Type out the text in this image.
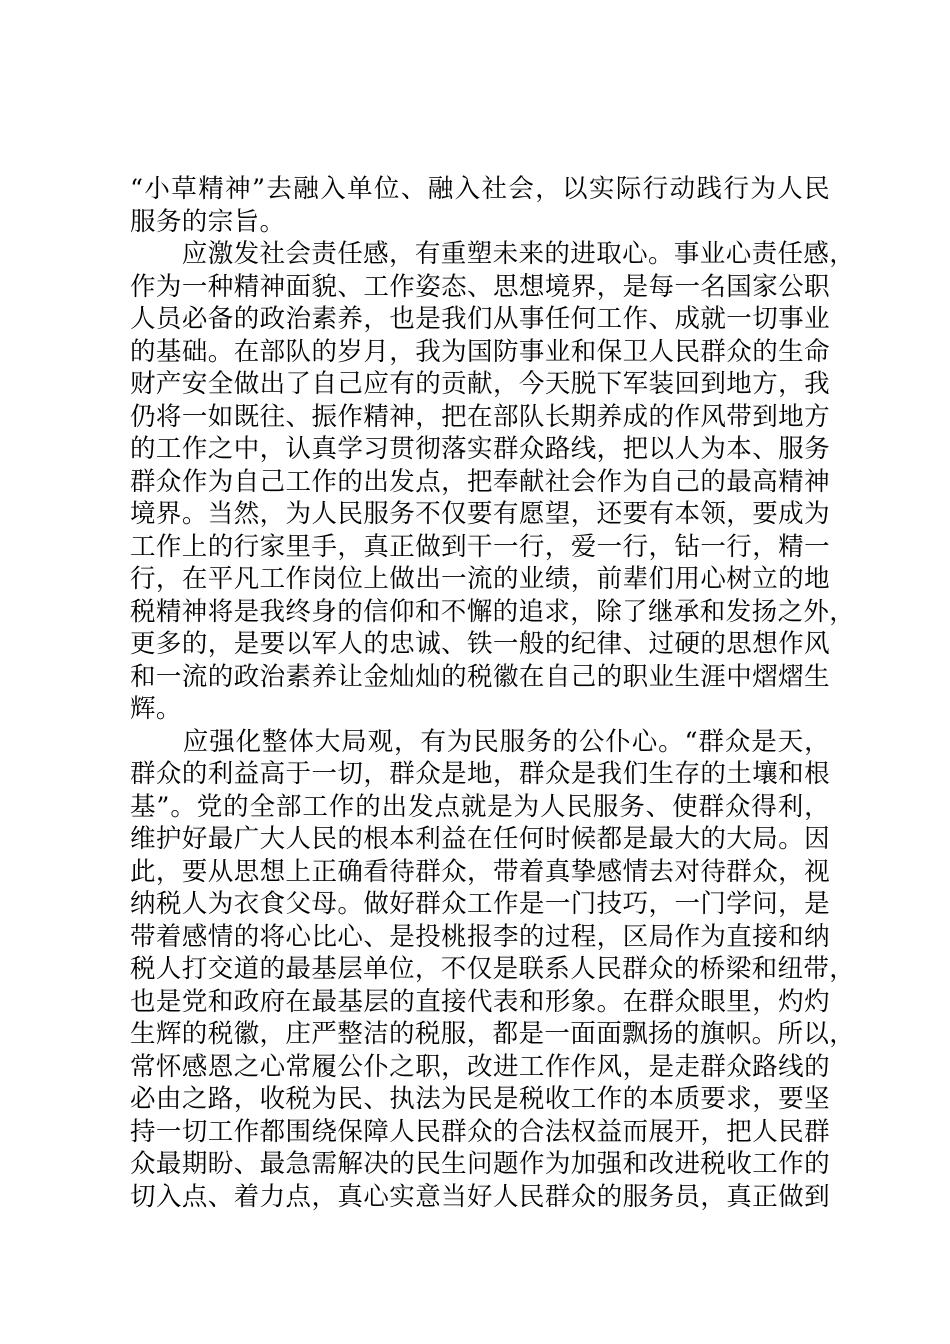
“小草精神”去融入单位、融入社会，以实际行动践行为人民
服务的宗旨。
　　应激发社会责任感，有重塑未来的进取心。事业心责任感，
作为一种精神面貌、工作姿态、思想境界，是每一名国家公职
人员必备的政治素养，也是我们从事任何工作、成就一切事业
的基础。在部队的岁月，我为国防事业和保卫人民群众的生命
财产安全做出了自己应有的贡献，今天脱下军装回到地方，我
仍将一如既往、振作精神，把在部队长期养成的作风带到地方
的工作之中，认真学习贯彻落实群众路线，把以人为本、服务
群众作为自己工作的出发点，把奉献社会作为自己的最高精神
境界。当然，为人民服务不仅要有愿望，还要有本领，要成为
工作上的行家里手，真正做到干一行，爱一行，钻一行，精一
行，在平凡工作岗位上做出一流的业绩，前辈们用心树立的地
税精神将是我终身的信仰和不懈的追求，除了继承和发扬之外，
更多的，是要以军人的忠诚、铁一般的纪律、过硬的思想作风
和一流的政治素养让金灿灿的税徽在自己的职业生涯中熠熠生
辉。
　　应强化整体大局观，有为民服务的公仆心。“群众是天，
群众的利益高于一切，群众是地，群众是我们生存的土壤和根
基”。党的全部工作的出发点就是为人民服务、使群众得利，
维护好最广大人民的根本利益在任何时候都是最大的大局。因
此，要从思想上正确看待群众，带着真挚感情去对待群众，视
纳税人为衣食父母。做好群众工作是一门技巧，一门学问，是
带着感情的将心比心、是投桃报李的过程，区局作为直接和纳
税人打交道的最基层单位，不仅是联系人民群众的桥梁和纽带，
也是党和政府在最基层的直接代表和形象。在群众眼里，灼灼
生辉的税徽，庄严整洁的税服，都是一面面飘扬的旗帜。所以，
常怀感恩之心常履公仆之职，改进工作作风，是走群众路线的
必由之路，收税为民、执法为民是税收工作的本质要求，要坚
持一切工作都围绕保障人民群众的合法权益而展开，把人民群
众最期盼、最急需解决的民生问题作为加强和改进税收工作的
切入点、着力点，真心实意当好人民群众的服务员，真正做到
